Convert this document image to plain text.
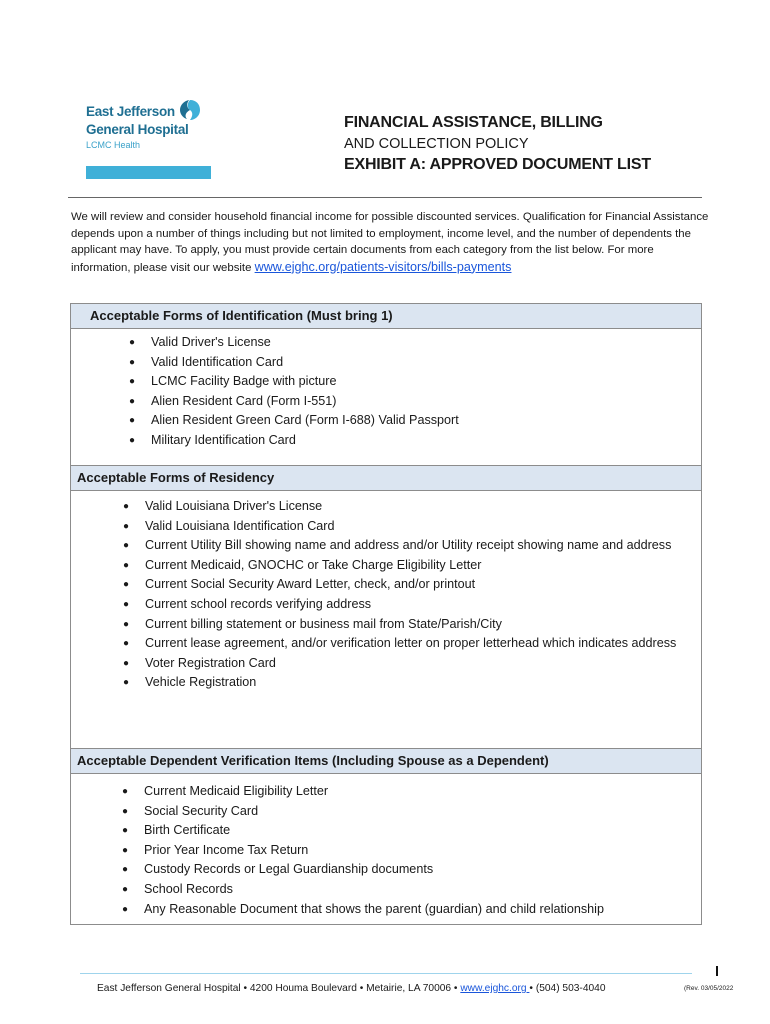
East Jefferson
General Hospital
LCMC Health
FINANCIAL ASSISTANCE, BILLING
AND COLLECTION POLICY
EXHIBIT A: APPROVED DOCUMENT LIST
We will review and consider household financial income for possible discounted services. Qualification for Financial Assistance depends upon a number of things including but not limited to employment, income level, and the number of dependents the applicant may have. To apply, you must provide certain documents from each category from the list below. For more information, please visit our website www.ejghc.org/patients-visitors/bills-payments
Acceptable Forms of Identification (Must bring 1)
● Valid Driver's License
● Valid Identification Card
● LCMC Facility Badge with picture
● Alien Resident Card (Form I-551)
● Alien Resident Green Card (Form I-688) Valid Passport
● Military Identification Card
Acceptable Forms of Residency
● Valid Louisiana Driver's License
● Valid Louisiana Identification Card
● Current Utility Bill showing name and address and/or Utility receipt showing name and address
● Current Medicaid, GNOCHC or Take Charge Eligibility Letter
● Current Social Security Award Letter, check, and/or printout
● Current school records verifying address
● Current billing statement or business mail from State/Parish/City
● Current lease agreement, and/or verification letter on proper letterhead which indicates address
● Voter Registration Card
● Vehicle Registration
Acceptable Dependent Verification Items (Including Spouse as a Dependent)
● Current Medicaid Eligibility Letter
● Social Security Card
● Birth Certificate
● Prior Year Income Tax Return
● Custody Records or Legal Guardianship documents
● School Records
● Any Reasonable Document that shows the parent (guardian) and child relationship
East Jefferson General Hospital • 4200 Houma Boulevard • Metairie, LA 70006 • www.ejghc.org • (504) 503-4040	(Rev. 03/05/2022
